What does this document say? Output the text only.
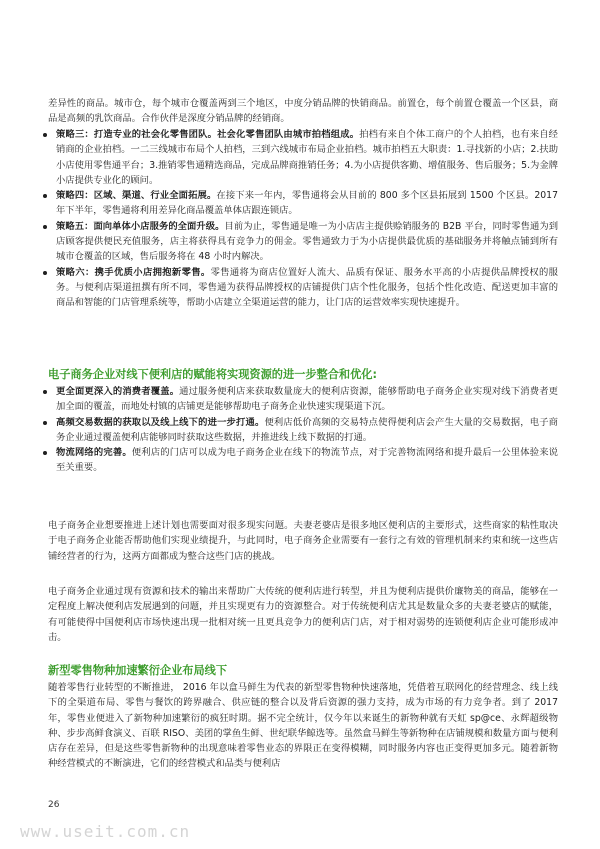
差异性的商品。城市仓，每个城市仓覆盖两到三个地区，中度分销品牌的快销商品。前置仓，每个前置仓覆盖一个区县，商品是高频的乳饮商品。合作伙伴是深度分销品牌的经销商。

策略三：打造专业的社会化零售团队。社会化零售团队由城市拍档组成。拍档有来自个体工商户的个人拍档，也有来自经销商的企业拍档。一二三线城市布局个人拍档，三到六线城市布局企业拍档。城市拍档五大职责：1.寻找新的小店；2.扶助小店使用零售通平台；3.推销零售通精选商品，完成品牌商推销任务；4.为小店提供客勤、增值服务、售后服务；5.为金牌小店提供专业化的顾问。
策略四：区域、渠道、行业全面拓展。在接下来一年内，零售通将会从目前的 800 多个区县拓展到 1500 个区县。2017 年下半年，零售通将利用差异化商品覆盖单体店跟连锁店。
策略五：面向单体小店服务的全面升级。目前为止，零售通是唯一为小店店主提供赊销服务的 B2B 平台，同时零售通为到店顾客提供便民充值服务，店主将获得具有竞争力的佣金。零售通致力于为小店提供最优质的基础服务并将触点铺到所有城市仓覆盖的区域，售后服务将在 48 小时内解决。
策略六：携手优质小店拥抱新零售。零售通将为商店位置好人流大、品质有保证、服务水平高的小店提供品牌授权的服务。与便利店渠道扭撰有所不同，零售通为获得品牌授权的店铺提供门店个性化服务，包括个性化改造、配送更加丰富的商品和智能的门店管理系统等，帮助小店建立全渠道运营的能力，让门店的运营效率实现快速提升。
电子商务企业对线下便利店的赋能将实现资源的进一步整合和优化:
更全面更深入的消费者覆盖。通过服务便利店来获取数量庞大的便利店资源，能够帮助电子商务企业实现对线下消费者更加全面的覆盖，而地处村镇的店铺更是能够帮助电子商务企业快速实现渠道下沉。
高频交易数据的获取以及线上线下的进一步打通。便利店低价高频的交易特点使得便利店会产生大量的交易数据，电子商务企业通过覆盖便利店能够同时获取这些数据，并推进线上线下数据的打通。
物流网络的完善。便利店的门店可以成为电子商务企业在线下的物流节点，对于完善物流网络和提升最后一公里体验来说至关重要。

电子商务企业想要推进上述计划也需要面对很多现实问题。夫妻老婆店是很多地区便利店的主要形式，这些商家的粘性取决于电子商务企业能否帮助他们实现业绩提升，与此同时，电子商务企业需要有一套行之有效的管理机制来约束和统一这些店铺经营者的行为，这两方面都成为整合这些门店的挑战。

电子商务企业通过现有资源和技术的输出来帮助广大传统的便利店进行转型，并且为便利店提供价廉物美的商品，能够在一定程度上解决便利店发展遇到的问题，并且实现更有力的资源整合。对于传统便利店尤其是数量众多的夫妻老婆店的赋能，有可能使得中国便利店市场快速出现一批相对统一且更具竞争力的便利店门店，对于相对弱势的连锁便利店企业可能形成冲击。

新型零售物种加速繁衍企业布局线下

随着零售行业转型的不断推进， 2016 年以盒马鲜生为代表的新型零售物种快速落地，凭借着互联网化的经营理念、线上线下的全渠道布局、零售与餐饮的跨界融合、供应链的整合以及背后资源的强力支持，成为市场的有力竞争者。到了 2017 年，零售业便进入了新物种加速繁衍的疯狂时期。据不完全统计，仅今年以来诞生的新物种就有天虹 sp@ce、永辉超级物种、步步高鲜食演义、百联 RISO、美团的掌鱼生鲜、世纪联华鲸选等。虽然盒马鲜生等新物种在店铺规模和数量方面与便利店存在差异，但是这些零售新物种的出现意味着零售业态的界限正在变得模糊，同时服务内容也正变得更加多元。随着新物种经营模式的不断演进，它们的经营模式和品类与便利店

26
www.useit.com.cn
